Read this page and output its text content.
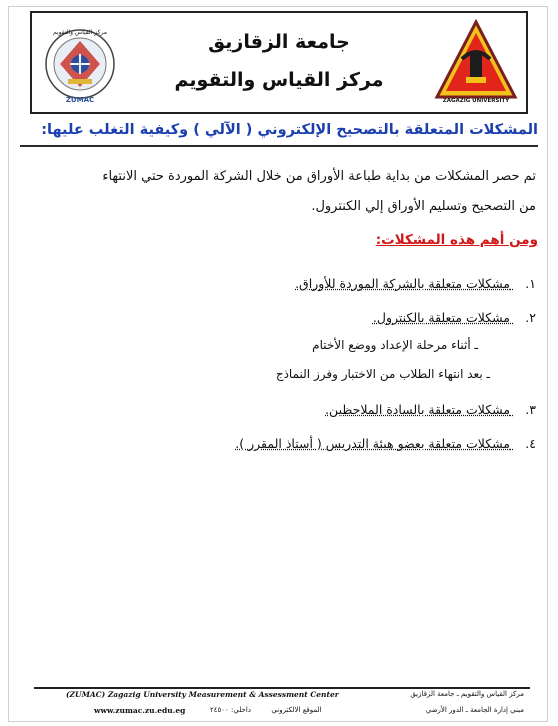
مركز القياس والتقويم
ZUMAC
جامعة الزقازيق
مركز القياس والتقويم
ZAGAZIG UNIVERSITY
المشكلات المتعلقة بالتصحيح الإلكتروني ( الآلي ) وكيفية التغلب عليها:

تم حصر المشكلات من بداية طباعة الأوراق من خلال الشركة الموردة حتي الانتهاء

من التصحيح وتسليم الأوراق إلي الكنترول.

ومن أهم هذه المشكلات:
١. مشكلات متعلقة بالشركة الموردة للأوراق.
٢. مشكلات متعلقة بالكنترول.
ـ أثناء مرحلة الإعداد ووضع الأختام
ـ بعد انتهاء الطلاب من الاختبار وفرز النماذج
٣. مشكلات متعلقة بالسادة الملاحظين.
٤. مشكلات متعلقة بعضو هيئة التدريس ( أستاذ المقرر ).
(ZUMAC) Zagazig University Measurement & Assessment Center	مركز القياس والتقويم ـ جامعة الزقازيق
www.zumac.zu.edu.eg	الموقع الالكتروني  داخلي: ٢٤٥٠٠	مبني إدارة الجامعة ـ الدور الأرضي
